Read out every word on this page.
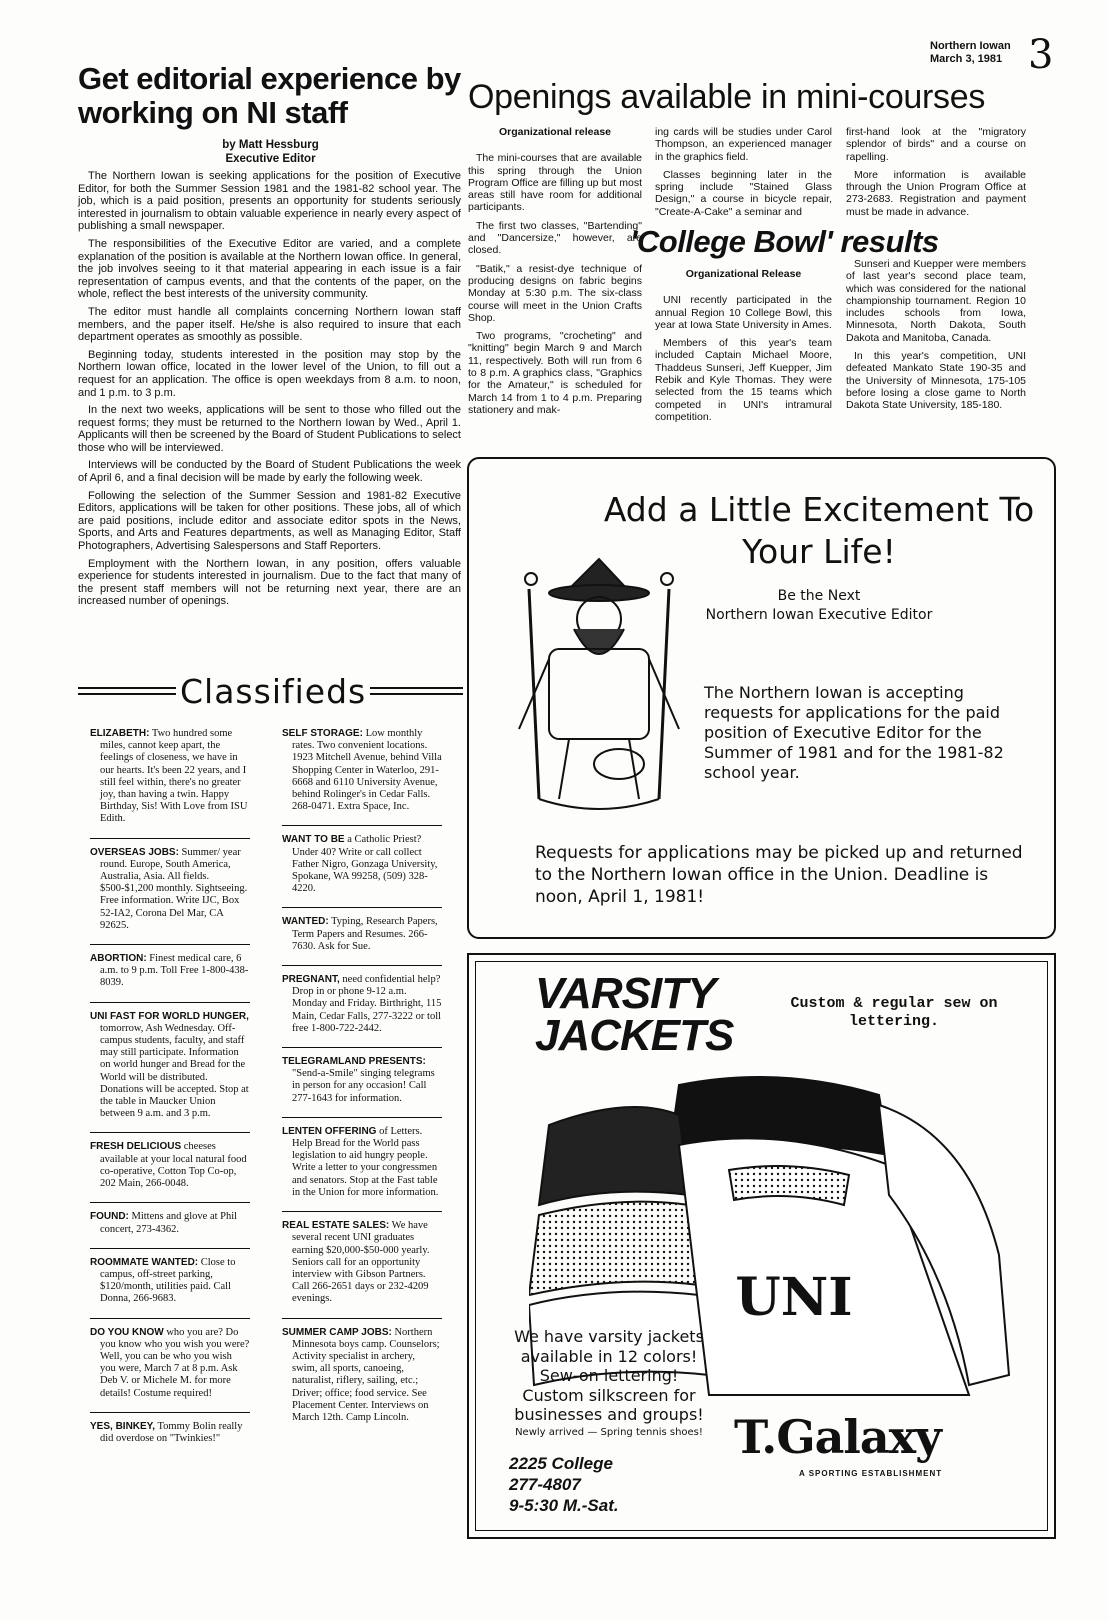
Northern Iowan
March 3, 1981 3
Get editorial experience by working on NI staff
by Matt Hessburg
Executive Editor

The Northern Iowan is seeking applications for the position of Executive Editor, for both the Summer Session 1981 and the 1981-82 school year. The job, which is a paid position, presents an opportunity for students seriously interested in journalism to obtain valuable experience in nearly every aspect of publishing a small newspaper.

The responsibilities of the Executive Editor are varied, and a complete explanation of the position is available at the Northern Iowan office. In general, the job involves seeing to it that material appearing in each issue is a fair representation of campus events, and that the contents of the paper, on the whole, reflect the best interests of the university community.

The editor must handle all complaints concerning Northern Iowan staff members, and the paper itself. He/she is also required to insure that each department operates as smoothly as possible.

Beginning today, students interested in the position may stop by the Northern Iowan office, located in the lower level of the Union, to fill out a request for an application. The office is open weekdays from 8 a.m. to noon, and 1 p.m. to 3 p.m.

In the next two weeks, applications will be sent to those who filled out the request forms; they must be returned to the Northern Iowan by Wed., April 1. Applicants will then be screened by the Board of Student Publications to select those who will be interviewed.

Interviews will be conducted by the Board of Student Publications the week of April 6, and a final decision will be made by early the following week.

Following the selection of the Summer Session and 1981-82 Executive Editors, applications will be taken for other positions. These jobs, all of which are paid positions, include editor and associate editor spots in the News, Sports, and Arts and Features departments, as well as Managing Editor, Staff Photographers, Advertising Salespersons and Staff Reporters.

Employment with the Northern Iowan, in any position, offers valuable experience for students interested in journalism. Due to the fact that many of the present staff members will not be returning next year, there are an increased number of openings.

Openings available in mini-courses

Organizational release

The mini-courses that are available this spring through the Union Program Office are filling up but most areas still have room for additional participants.

The first two classes, "Bartending" and "Dancersize," however, are closed.

"Batik," a resist-dye technique of producing designs on fabric begins Monday at 5:30 p.m. The six-class course will meet in the Union Crafts Shop.

Two programs, "crocheting" and "knitting" begin March 9 and March 11, respectively. Both will run from 6 to 8 p.m. A graphics class, "Graphics for the Amateur," is scheduled for March 14 from 1 to 4 p.m. Preparing stationery and mak-

ing cards will be studies under Carol Thompson, an experienced manager in the graphics field.

Classes beginning later in the spring include "Stained Glass Design," a course in bicycle repair, "Create-A-Cake" a seminar and

first-hand look at the "migratory splendor of birds" and a course on rapelling.

More information is available through the Union Program Office at 273-2683. Registration and payment must be made in advance.

'College Bowl' results

Organizational Release

UNI recently participated in the annual Region 10 College Bowl, this year at Iowa State University in Ames.

Members of this year's team included Captain Michael Moore, Thaddeus Sunseri, Jeff Kuepper, Jim Rebik and Kyle Thomas. They were selected from the 15 teams which competed in UNI's intramural competition.

Sunseri and Kuepper were members of last year's second place team, which was considered for the national championship tournament. Region 10 includes schools from Iowa, Minnesota, North Dakota, South Dakota and Manitoba, Canada.

In this year's competition, UNI defeated Mankato State 190-35 and the University of Minnesota, 175-105 before losing a close game to North Dakota State University, 185-180.

Add a Little Excitement To Your Life!
Be the Next
Northern Iowan Executive Editor
The Northern Iowan is accepting requests for applications for the paid position of Executive Editor for the Summer of 1981 and for the 1981-82 school year.
Requests for applications may be picked up and returned to the Northern Iowan office in the Union. Deadline is noon, April 1, 1981!
Classifieds
ELIZABETH: Two hundred some miles, cannot keep apart, the feelings of closeness, we have in our hearts. It's been 22 years, and I still feel within, there's no greater joy, than having a twin. Happy Birthday, Sis! With Love from ISU Edith.
OVERSEAS JOBS: Summer/ year round. Europe, South America, Australia, Asia. All fields. $500-$1,200 monthly. Sightseeing. Free information. Write IJC, Box 52-IA2, Corona Del Mar, CA 92625.
ABORTION: Finest medical care, 6 a.m. to 9 p.m. Toll Free 1-800-438-8039.
UNI FAST FOR WORLD HUNGER, tomorrow, Ash Wednesday. Off-campus students, faculty, and staff may still participate. Information on world hunger and Bread for the World will be distributed. Donations will be accepted. Stop at the table in Maucker Union between 9 a.m. and 3 p.m.
FRESH DELICIOUS cheeses available at your local natural food co-operative, Cotton Top Co-op, 202 Main, 266-0048.
FOUND: Mittens and glove at Phil concert, 273-4362.
ROOMMATE WANTED: Close to campus, off-street parking, $120/month, utilities paid. Call Donna, 266-9683.
DO YOU KNOW who you are? Do you know who you wish you were? Well, you can be who you wish you were, March 7 at 8 p.m. Ask Deb V. or Michele M. for more details! Costume required!
YES, BINKEY, Tommy Bolin really did overdose on "Twinkies!"
SELF STORAGE: Low monthly rates. Two convenient locations. 1923 Mitchell Avenue, behind Villa Shopping Center in Waterloo, 291-6668 and 6110 University Avenue, behind Rolinger's in Cedar Falls. 268-0471. Extra Space, Inc.
WANT TO BE a Catholic Priest? Under 40? Write or call collect Father Nigro, Gonzaga University, Spokane, WA 99258, (509) 328-4220.
WANTED: Typing, Research Papers, Term Papers and Resumes. 266-7630. Ask for Sue.
PREGNANT, need confidential help? Drop in or phone 9-12 a.m. Monday and Friday. Birthright, 115 Main, Cedar Falls, 277-3222 or toll free 1-800-722-2442.
TELEGRAMLAND PRESENTS: "Send-a-Smile" singing telegrams in person for any occasion! Call 277-1643 for information.
LENTEN OFFERING of Letters. Help Bread for the World pass legislation to aid hungry people. Write a letter to your congressmen and senators. Stop at the Fast table in the Union for more information.
REAL ESTATE SALES: We have several recent UNI graduates earning $20,000-$50-000 yearly. Seniors call for an opportunity interview with Gibson Partners. Call 266-2651 days or 232-4209 evenings.
SUMMER CAMP JOBS: Northern Minnesota boys camp. Counselors; Activity specialist in archery, swim, all sports, canoeing, naturalist, riflery, sailing, etc.; Driver; office; food service. See Placement Center. Interviews on March 12th. Camp Lincoln.
VARSITY
JACKETS
Custom & regular sew on lettering.
UNI
We have varsity jackets available in 12 colors!
Sew-on lettering!
Custom silkscreen for businesses and groups!
Newly arrived — Spring tennis shoes!
2225 College
277-4807
9-5:30 M.-Sat.
T.Galaxy
A SPORTING ESTABLISHMENT
